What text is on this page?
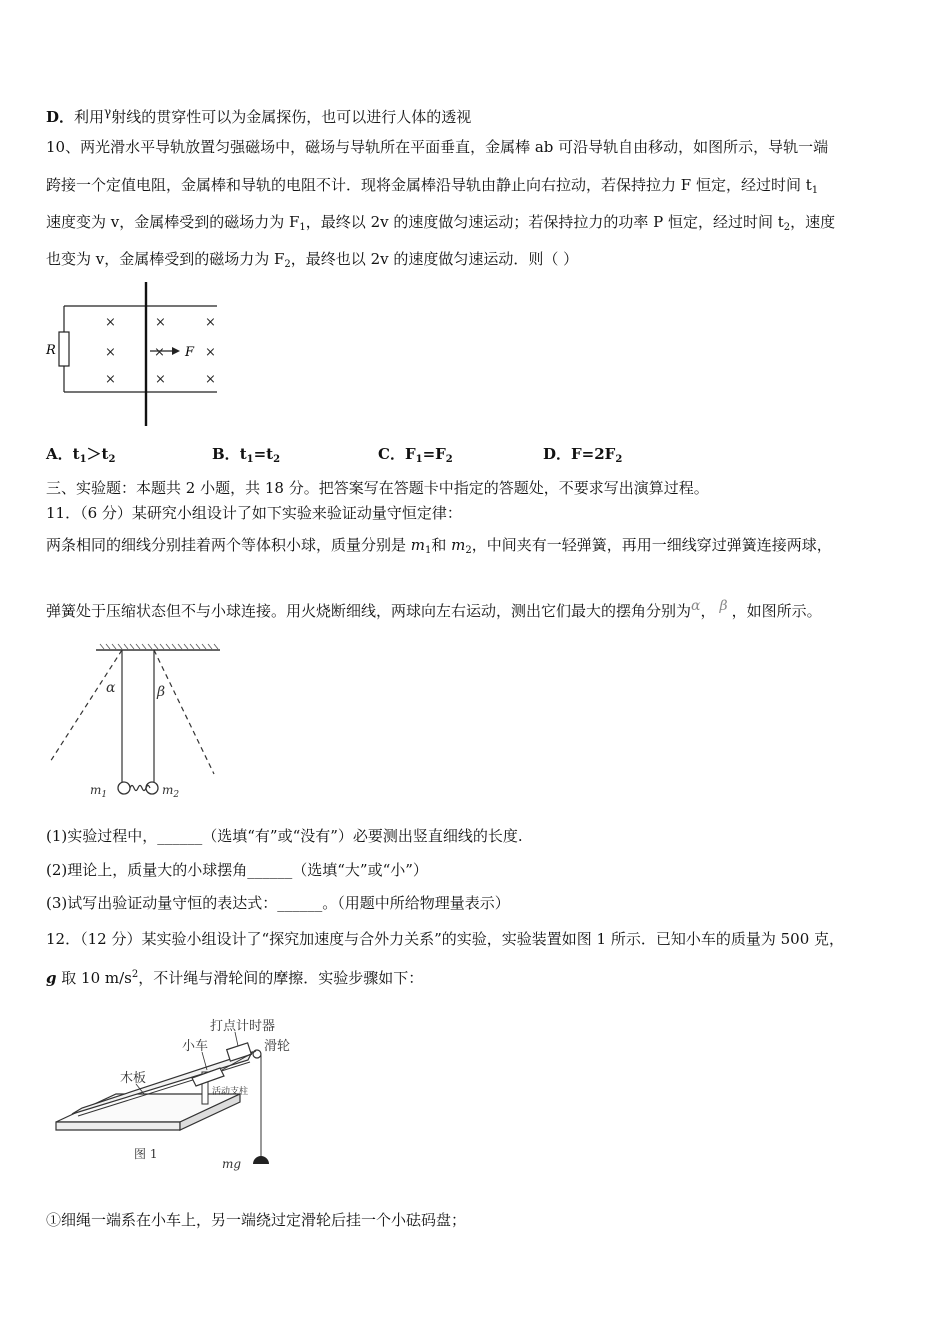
D．利用$^\gamma$射线的贯穿性可以为金属探伤，也可以进行人体的透视
10、两光滑水平导轨放置匀强磁场中，磁场与导轨所在平面垂直，金属棒 ab 可沿导轨自由移动，如图所示，导轨一端
跨接一个定值电阻，金属棒和导轨的电阻不计．现将金属棒沿导轨由静止向右拉动，若保持拉力 F 恒定，经过时间 $t_1$
速度变为 v，金属棒受到的磁场力为 $F_1$，最终以 2v 的速度做匀速运动；若保持拉力的功率 P 恒定，经过时间 $t_2$，速度
也变为 v，金属棒受到的磁场力为 $F_2$，最终也以 2v 的速度做匀速运动．则（ ）
R
×
×
×
×
×
×
×
×
× F
A．$t_1>t_2$	B．$t_1=t_2$	C．$F_1=F_2$	D．$F=2F_2$
三、实验题：本题共 2 小题，共 18 分。把答案写在答题卡中指定的答题处，不要求写出演算过程。
11．（6 分）某研究小组设计了如下实验来验证动量守恒定律：
两条相同的细线分别挂着两个等体积小球，质量分别是 $m_1$和 $m_2$，中间夹有一轻弹簧，再用一细线穿过弹簧连接两球，
弹簧处于压缩状态但不与小球连接。用火烧断细线，两球向左右运动，测出它们最大的摆角分别为$^\alpha$， $^\beta$ ，如图所示。
α	β
$m_1$	$m_2$
(1)实验过程中，______（选填“有”或“没有”）必要测出竖直细线的长度.
(2)理论上，质量大的小球摆角______（选填“大”或“小”）
(3)试写出验证动量守恒的表达式：______。（用题中所给物理量表示）
12．（12 分）某实验小组设计了“探究加速度与合外力关系”的实验，实验装置如图 1 所示．已知小车的质量为 500 克，
g 取 10 $m/s^2$，不计绳与滑轮间的摩擦．实验步骤如下：
打点计时器
小车	滑轮
木板
活动支柱
图 1
mg
①细绳一端系在小车上，另一端绕过定滑轮后挂一个小砝码盘；
